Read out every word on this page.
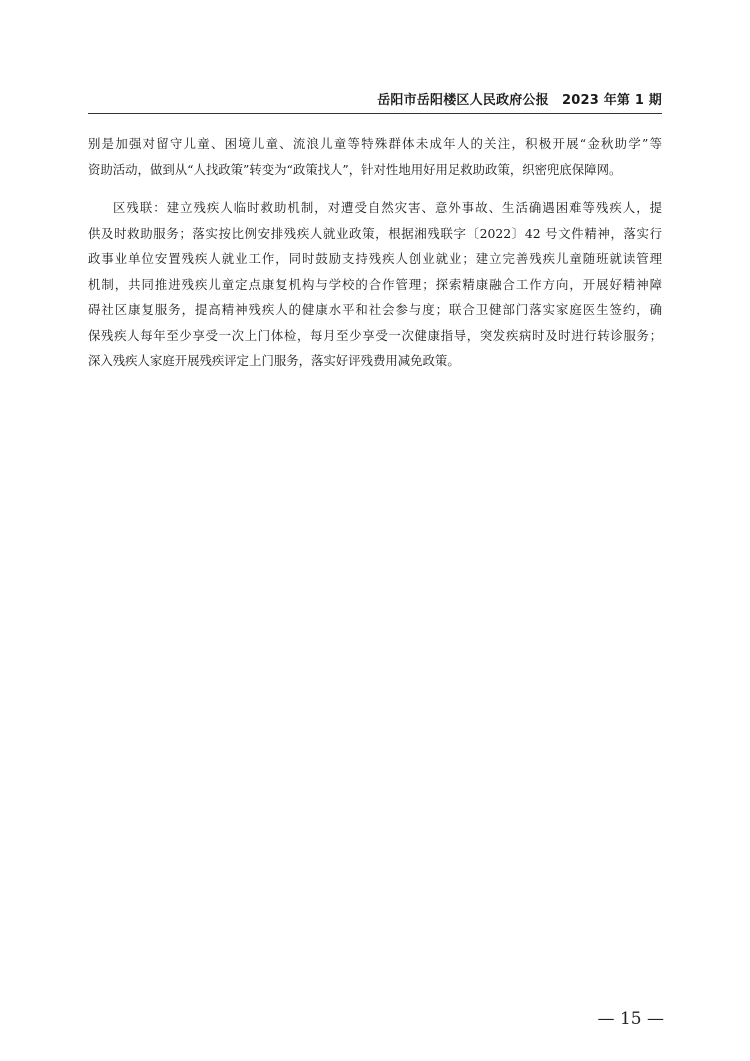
岳阳市岳阳楼区人民政府公报　2023 年第 1 期
别是加强对留守儿童、困境儿童、流浪儿童等特殊群体未成年人的关注，积极开展“金秋助学”等
资助活动，做到从“人找政策”转变为“政策找人”，针对性地用好用足救助政策，织密兜底保障网。
区残联：建立残疾人临时救助机制，对遭受自然灾害、意外事故、生活确遇困难等残疾人，提
供及时救助服务；落实按比例安排残疾人就业政策，根据湘残联字〔2022〕42 号文件精神，落实行
政事业单位安置残疾人就业工作，同时鼓励支持残疾人创业就业；建立完善残疾儿童随班就读管理
机制，共同推进残疾儿童定点康复机构与学校的合作管理；探索精康融合工作方向，开展好精神障
碍社区康复服务，提高精神残疾人的健康水平和社会参与度；联合卫健部门落实家庭医生签约，确
保残疾人每年至少享受一次上门体检，每月至少享受一次健康指导，突发疾病时及时进行转诊服务；
深入残疾人家庭开展残疾评定上门服务，落实好评残费用减免政策。
— 15 —
